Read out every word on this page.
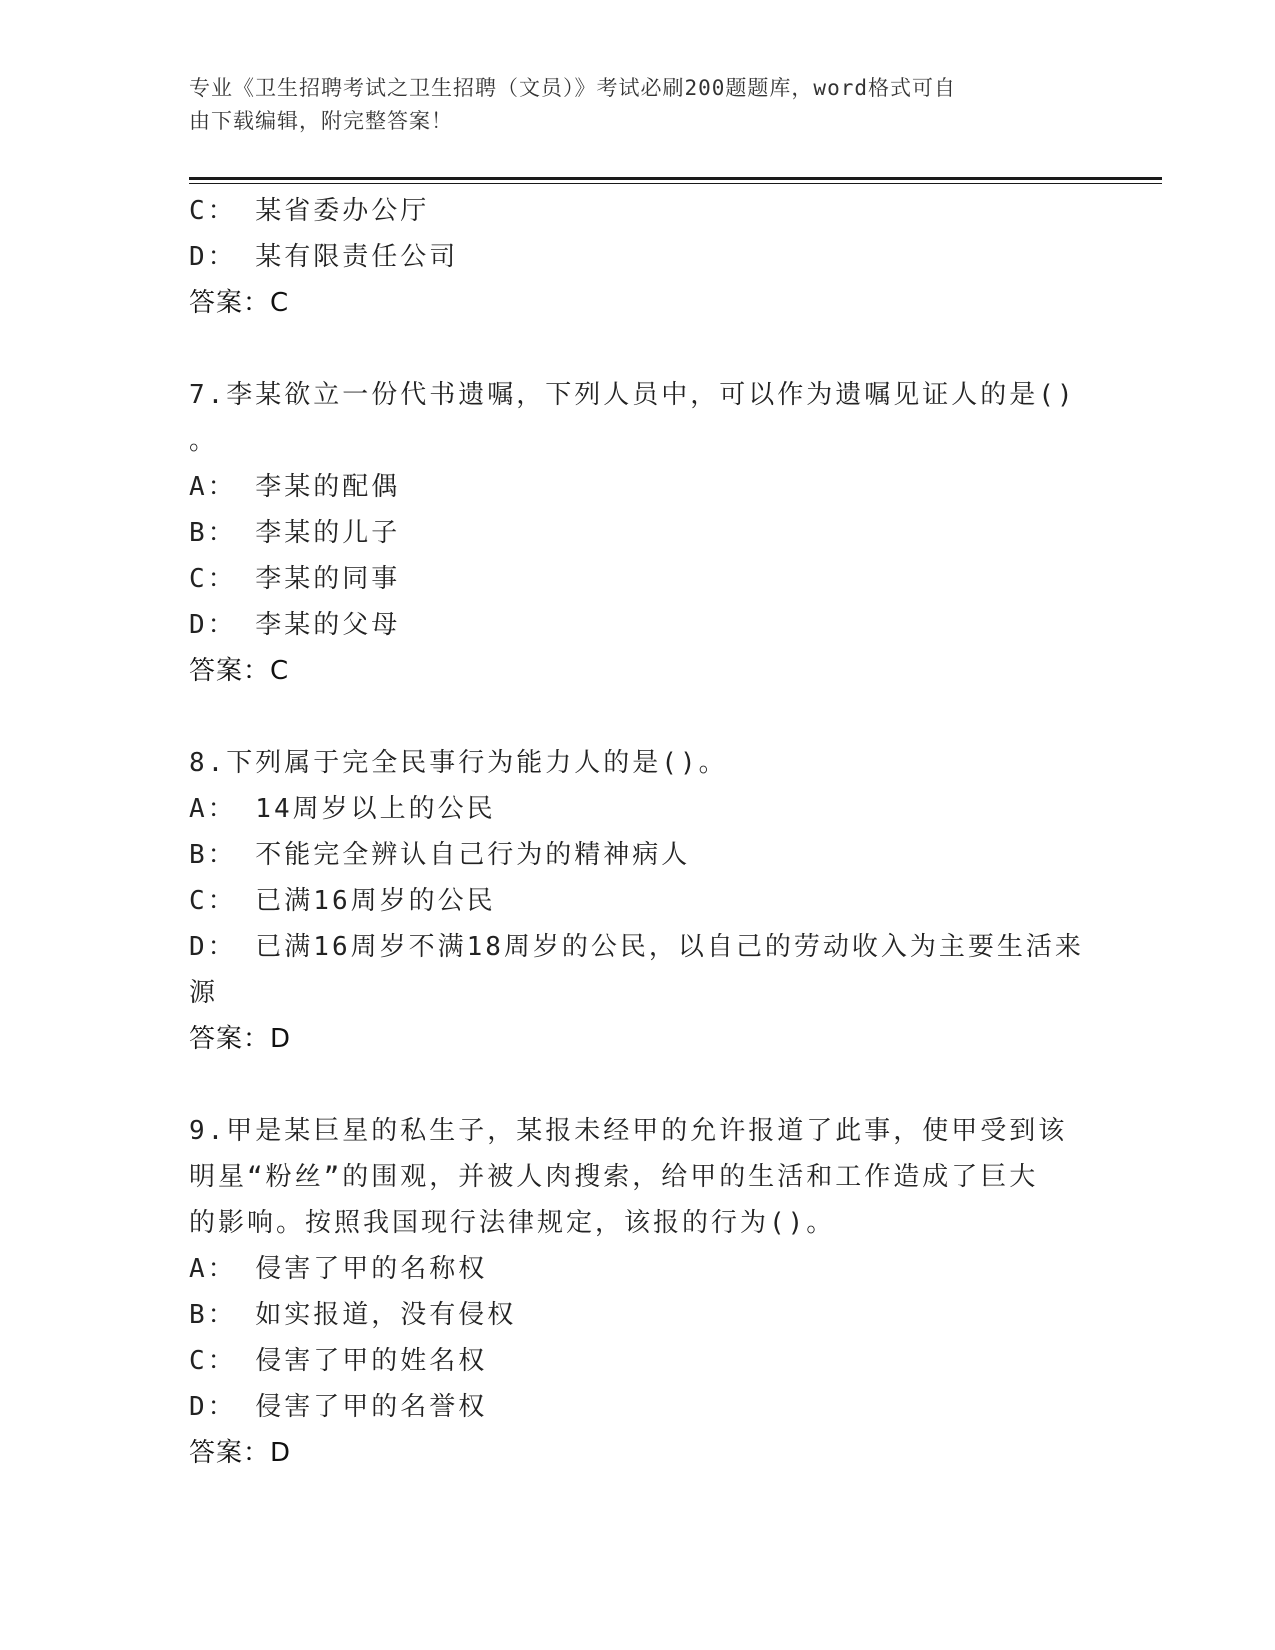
专业《卫生招聘考试之卫生招聘（文员）》考试必刷200题题库，word格式可自
由下载编辑，附完整答案！
C： 某省委办公厅
D： 某有限责任公司
答案：C
7.李某欲立一份代书遗嘱，下列人员中，可以作为遗嘱见证人的是()
。
A： 李某的配偶
B： 李某的儿子
C： 李某的同事
D： 李某的父母
答案：C
8.下列属于完全民事行为能力人的是()。
A： 14周岁以上的公民
B： 不能完全辨认自己行为的精神病人
C： 已满16周岁的公民
D： 已满16周岁不满18周岁的公民，以自己的劳动收入为主要生活来
源
答案：D
9.甲是某巨星的私生子，某报未经甲的允许报道了此事，使甲受到该
明星“粉丝”的围观，并被人肉搜索，给甲的生活和工作造成了巨大
的影响。按照我国现行法律规定，该报的行为()。
A： 侵害了甲的名称权
B： 如实报道，没有侵权
C： 侵害了甲的姓名权
D： 侵害了甲的名誉权
答案：D
